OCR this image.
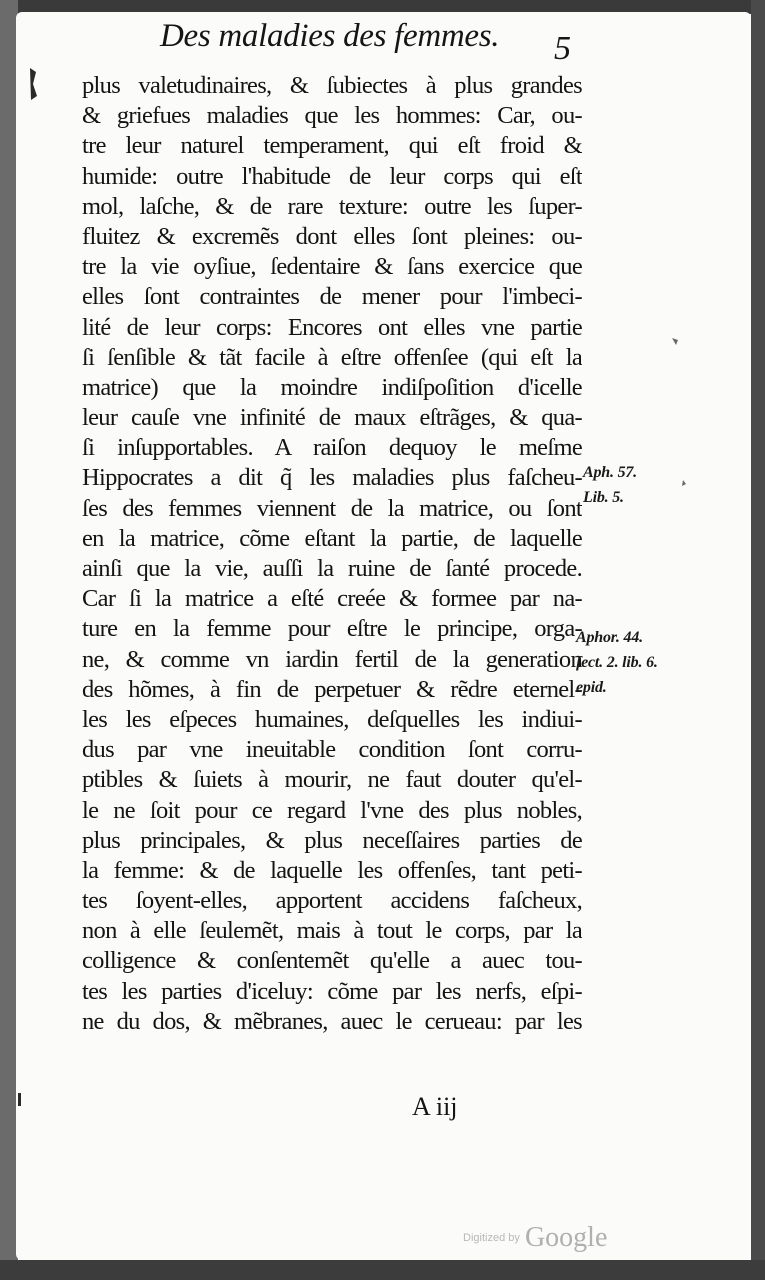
Des maladies des femmes. 5
plus valetudinaires, & ſubiectes à plus grandes
& griefues maladies que les hommes: Car, ou-
tre leur naturel temperament, qui eſt froid &
humide: outre l'habitude de leur corps qui eſt
mol, laſche, & de rare texture: outre les ſuper-
fluitez & excremẽs dont elles ſont pleines: ou-
tre la vie oyſiue, ſedentaire & ſans exercice que
elles ſont contraintes de mener pour l'imbeci-
lité de leur corps: Encores ont elles vne partie
ſi ſenſible & tãt facile à eſtre offenſee (qui eſt la
matrice) que la moindre indiſpoſition d'icelle
leur cauſe vne infinité de maux eſtrãges, & qua-
ſi inſupportables. A raiſon dequoy le meſme
Hippocrates a dit q̃ les maladies plus faſcheu-
ſes des femmes viennent de la matrice, ou ſont
en la matrice, cõme eſtant la partie, de laquelle
ainſi que la vie, auſſi la ruine de ſanté procede.
Car ſi la matrice a eſté creée & formee par na-
ture en la femme pour eſtre le principe, orga-
ne, & comme vn iardin fertil de la generation
des hõmes, à fin de perpetuer & rẽdre eternel-
les les eſpeces humaines, deſquelles les indiui-
dus par vne ineuitable condition ſont corru-
ptibles & ſuiets à mourir, ne faut douter qu'el-
le ne ſoit pour ce regard l'vne des plus nobles,
plus principales, & plus neceſſaires parties de
la femme: & de laquelle les offenſes, tant peti-
tes ſoyent-elles, apportent accidens faſcheux,
non à elle ſeulemẽt, mais à tout le corps, par la
colligence & conſentemẽt qu'elle a auec tou-
tes les parties d'iceluy: cõme par les nerfs, eſpi-
ne du dos, & mẽbranes, auec le cerueau: par les
Aph. 57.
Lib. 5.
Aphor. 44.
ſect. 2. lib. 6.
epid.
A iij
Digitized by Google
